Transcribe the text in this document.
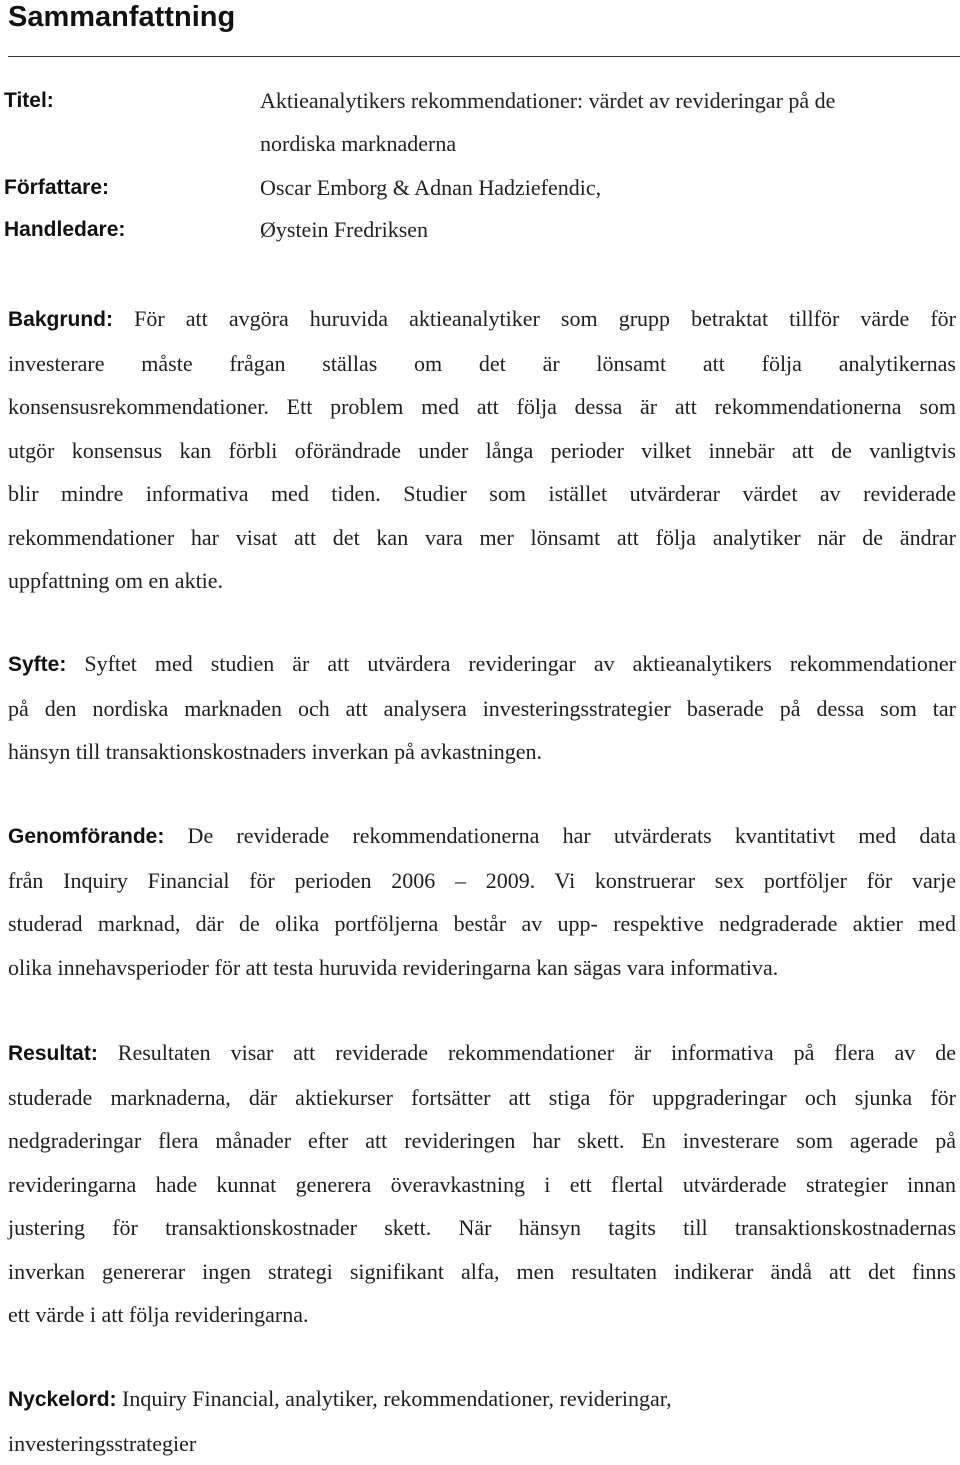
Sammanfattning
Titel:	Aktieanalytikers rekommendationer: värdet av revideringar på de
nordiska marknaderna
Författare:	Oscar Emborg & Adnan Hadziefendic,
Handledare:	Øystein Fredriksen
Bakgrund: För att avgöra huruvida aktieanalytiker som grupp betraktat tillför värde för
investerare måste frågan ställas om det är lönsamt att följa analytikernas
konsensusrekommendationer. Ett problem med att följa dessa är att rekommendationerna som
utgör konsensus kan förbli oförändrade under långa perioder vilket innebär att de vanligtvis
blir mindre informativa med tiden. Studier som istället utvärderar värdet av reviderade
rekommendationer har visat att det kan vara mer lönsamt att följa analytiker när de ändrar
uppfattning om en aktie.
Syfte: Syftet med studien är att utvärdera revideringar av aktieanalytikers rekommendationer
på den nordiska marknaden och att analysera investeringsstrategier baserade på dessa som tar
hänsyn till transaktionskostnaders inverkan på avkastningen.
Genomförande: De reviderade rekommendationerna har utvärderats kvantitativt med data
från Inquiry Financial för perioden 2006 – 2009. Vi konstruerar sex portföljer för varje
studerad marknad, där de olika portföljerna består av upp- respektive nedgraderade aktier med
olika innehavsperioder för att testa huruvida revideringarna kan sägas vara informativa.
Resultat: Resultaten visar att reviderade rekommendationer är informativa på flera av de
studerade marknaderna, där aktiekurser fortsätter att stiga för uppgraderingar och sjunka för
nedgraderingar flera månader efter att revideringen har skett. En investerare som agerade på
revideringarna hade kunnat generera överavkastning i ett flertal utvärderade strategier innan
justering för transaktionskostnader skett. När hänsyn tagits till transaktionskostnadernas
inverkan genererar ingen strategi signifikant alfa, men resultaten indikerar ändå att det finns
ett värde i att följa revideringarna.
Nyckelord: Inquiry Financial, analytiker, rekommendationer, revideringar,
investeringsstrategier
